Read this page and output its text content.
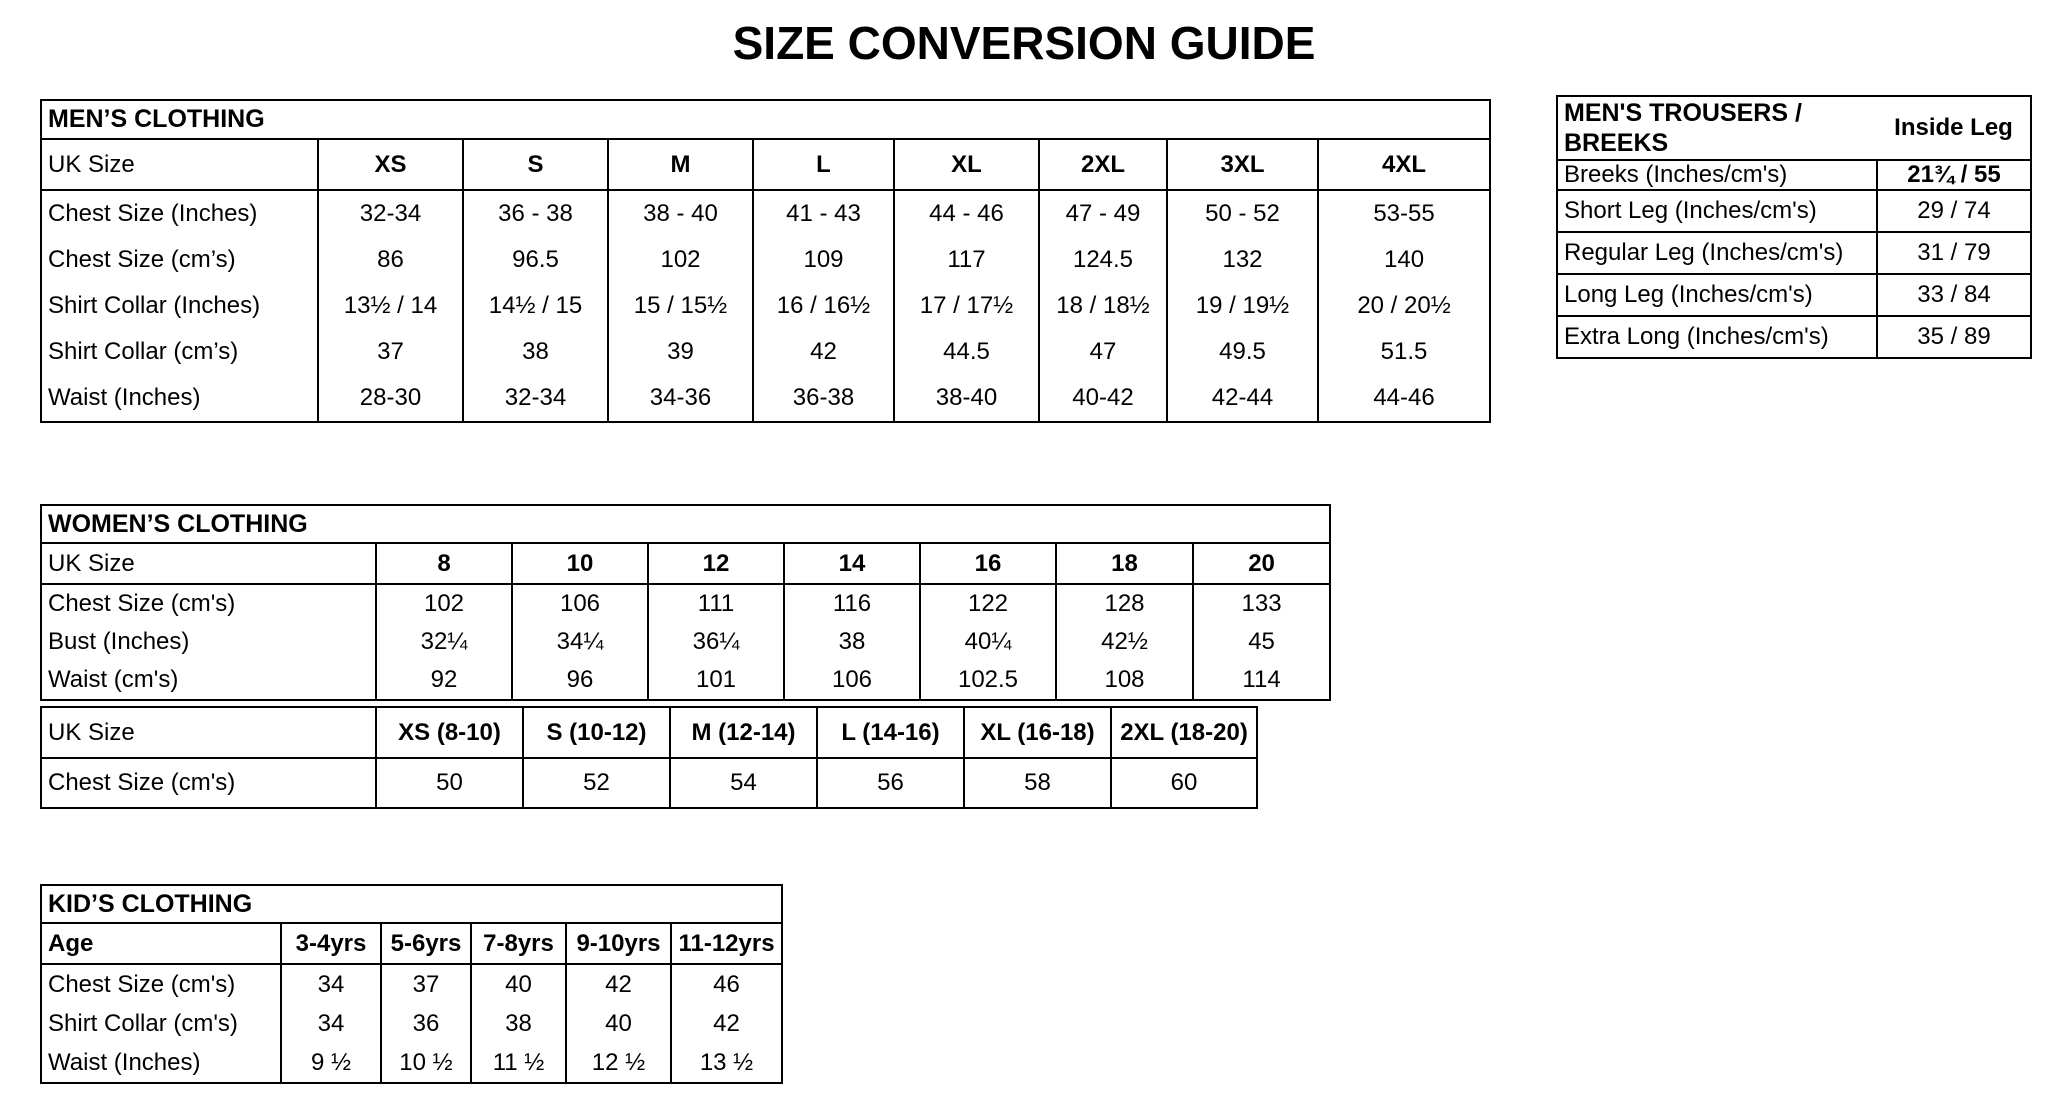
SIZE CONVERSION GUIDE
MEN’S CLOTHING								
UK Size	XS	S	M	L	XL	2XL	3XL	4XL
Chest Size (Inches)	32-34	36 - 38	38 - 40	41 - 43	44 - 46	47 - 49	50 - 52	53-55
Chest Size (cm’s)	86	96.5	102	109	117	124.5	132	140
Shirt Collar (Inches)	13½ / 14	14½ / 15	15 / 15½	16 / 16½	17 / 17½	18 / 18½	19 / 19½	20 / 20½
Shirt Collar (cm’s)	37	38	39	42	44.5	47	49.5	51.5
Waist (Inches)	28-30	32-34	34-36	36-38	38-40	40-42	42-44	44-46
MEN'S TROUSERS / BREEKS	Inside Leg
Breeks (Inches/cm's)	21¾ / 55
Short Leg (Inches/cm's)	29 / 74
Regular Leg (Inches/cm's)	31 / 79
Long Leg (Inches/cm's)	33 / 84
Extra Long (Inches/cm's)	35 / 89
WOMEN’S CLOTHING							
UK Size	8	10	12	14	16	18	20
Chest Size (cm's)	102	106	111	116	122	128	133
Bust (Inches)	32¼	34¼	36¼	38	40¼	42½	45
Waist (cm's)	92	96	101	106	102.5	108	114
UK Size	XS (8-10)	S (10-12)	M (12-14)	L (14-16)	XL (16-18)	2XL (18-20)
Chest Size (cm's)	50	52	54	56	58	60
KID’S CLOTHING					
Age	3-4yrs	5-6yrs	7-8yrs	9-10yrs	11-12yrs
Chest Size (cm's)	34	37	40	42	46
Shirt Collar (cm's)	34	36	38	40	42
Waist (Inches)	9 ½	10 ½	11 ½	12 ½	13 ½
